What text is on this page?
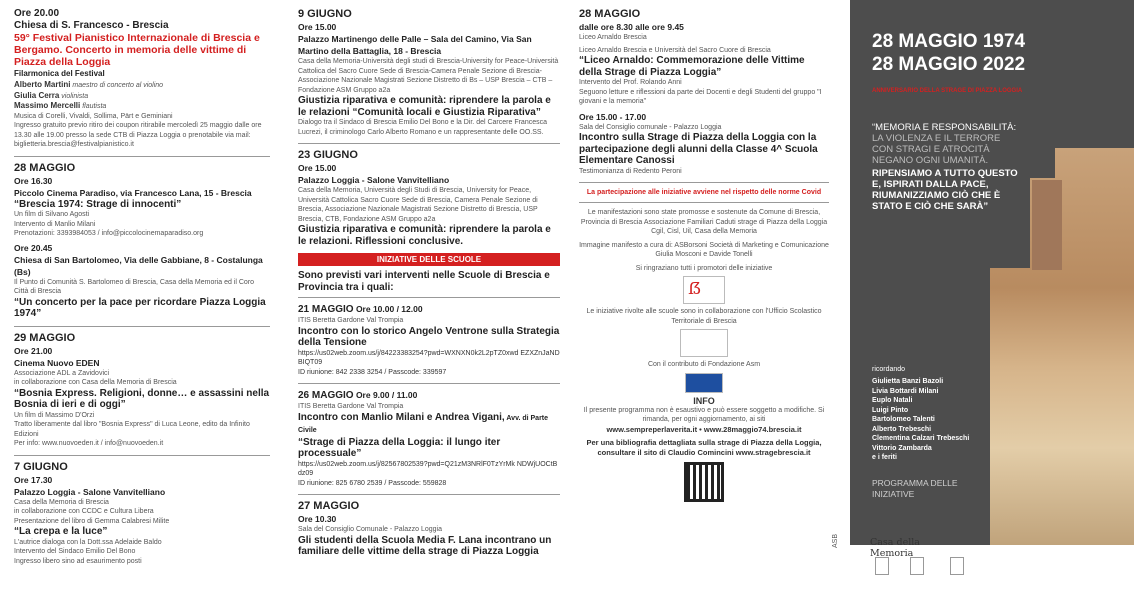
Ore 20.00
Chiesa di S. Francesco - Brescia
59° Festival Pianistico Internazionale di Brescia e Bergamo. Concerto in memoria delle vittime di Piazza della Loggia
Filarmonica del Festival
Alberto Martini maestro di concerto al violino
Giulia Cerra violinista
Massimo Mercelli flautista
Musica di Corelli, Vivaldi, Sollima, Pärt e Geminiani
Ingresso gratuito previo ritiro dei coupon ritirabile mercoledì 25 maggio dalle ore 13.30 alle 19.00 presso la sede CTB di Piazza Loggia o prenotabile via mail: biglietteria.brescia@festivalpianistico.it
28 MAGGIO
Ore 16.30
Piccolo Cinema Paradiso, via Francesco Lana, 15 - Brescia
“Brescia 1974: Strage di innocenti”
Un film di Silvano Agosti
Intervento di Manlio Milani
Prenotazioni: 3393984053 / info@piccolocinemaparadiso.org
Ore 20.45
Chiesa di San Bartolomeo, Via delle Gabbiane, 8 - Costalunga (Bs)
Il Punto di Comunità S. Bartolomeo di Brescia, Casa della Memoria ed il Coro Città di Brescia
“Un concerto per la pace per ricordare Piazza Loggia 1974”
29 MAGGIO
Ore 21.00
Cinema Nuovo EDEN
Associazione ADL a Zavidovici
in collaborazione con Casa della Memoria di Brescia
“Bosnia Express. Religioni, donne… e assassini nella Bosnia di ieri e di oggi”
Un film di Massimo D'Orzi
Tratto liberamente dal libro "Bosnia Express" di Luca Leone, edito da Infinito Edizioni
Per info: www.nuovoeden.it / info@nuovoeden.it
7 GIUGNO
Ore 17.30
Palazzo Loggia - Salone Vanvitelliano
Casa della Memoria di Brescia
in collaborazione con CCDC e Cultura Libera
Presentazione del libro di Gemma Calabresi Milite
“La crepa e la luce”
L'autrice dialoga con la Dott.ssa Adelaide Baldo
Intervento del Sindaco Emilio Del Bono
Ingresso libero sino ad esaurimento posti
9 GIUGNO
Ore 15.00
Palazzo Martinengo delle Palle – Sala del Camino, Via San Martino della Battaglia, 18 - Brescia
Casa della Memoria-Università degli studi di Brescia-University for Peace-Università Cattolica del Sacro Cuore Sede di Brescia-Camera Penale Sezione di Brescia-Associazione Nazionale Magistrati Sezione Distretto di Bs – USP Brescia – CTB – Fondazione ASM Gruppo a2a
Giustizia riparativa e comunità: riprendere la parola e le relazioni “Comunità locali e Giustizia Riparativa”
Dialogo tra il Sindaco di Brescia Emilio Del Bono e la Dir. del Carcere Francesca Lucrezi, il criminologo Carlo Alberto Romano e un rappresentante delle OO.SS.
23 GIUGNO
Ore 15.00
Palazzo Loggia - Salone Vanvitelliano
Casa della Memoria, Università degli Studi di Brescia, University for Peace, Università Cattolica Sacro Cuore Sede di Brescia, Camera Penale Sezione di Brescia, Associazione Nazionale Magistrati Sezione Distretto di Brescia, USP Brescia, CTB, Fondazione ASM Gruppo a2a
Giustizia riparativa e comunità: riprendere la parola e le relazioni. Riflessioni conclusive.
INIZIATIVE DELLE SCUOLE
Sono previsti vari interventi nelle Scuole di Brescia e Provincia tra i quali:
21 MAGGIO Ore 10.00 / 12.00
ITIS Beretta Gardone Val Trompia
Incontro con lo storico Angelo Ventrone sulla Strategia della Tensione
https://us02web.zoom.us/j/84223383254?pwd=WXNXN0k2L2pTZ0xwd EZXZnJaNDBIQT09
ID riunione: 842 2338 3254 / Passcode: 339597
26 MAGGIO Ore 9.00 / 11.00
ITIS Beretta Gardone Val Trompia
Incontro con Manlio Milani e Andrea Vigani, Avv. di Parte Civile
“Strage di Piazza della Loggia: il lungo iter processuale”
https://us02web.zoom.us/j/82567802539?pwd=Q21zM3NRlF0TzYrMk NDWjUOCtBdz09
ID riunione: 825 6780 2539 / Passcode: 559828
27 MAGGIO
Ore 10.30
Sala del Consiglio Comunale - Palazzo Loggia
Gli studenti della Scuola Media F. Lana incontrano un familiare delle vittime della strage di Piazza Loggia
28 MAGGIO
dalle ore 8.30 alle ore 9.45
Liceo Arnaldo Brescia
Liceo Arnaldo Brescia e Università del Sacro Cuore di Brescia
“Liceo Arnaldo: Commemorazione delle Vittime della Strage di Piazza Loggia”
Intervento del Prof. Rolando Anni
Seguono letture e riflessioni da parte dei Docenti e degli Studenti del gruppo "I giovani e la memoria"
Ore 15.00 - 17.00
Sala del Consiglio comunale - Palazzo Loggia
Incontro sulla Strage di Piazza della Loggia con la partecipazione degli alunni della Classe 4^ Scuola Elementare Canossi
Testimonianza di Redento Peroni
La partecipazione alle iniziative avviene nel rispetto delle norme Covid
Le manifestazioni sono state promosse e sostenute da Comune di Brescia, Provincia di Brescia Associazione Familiari Caduti strage di Piazza della Loggia Cgil, Cisl, Uil, Casa della Memoria
Immagine manifesto a cura di: ASBorsoni Società di Marketing e Comunicazione Giulia Mosconi e Davide Tonelli
Si ringraziano tutti i promotori delle iniziative
ẞ
Le iniziative rivolte alle scuole sono in collaborazione con l'Ufficio Scolastico Territoriale di Brescia
Con il contributo di Fondazione Asm
INFO
Il presente programma non è esaustivo e può essere soggetto a modifiche. Si rimanda, per ogni aggiornamento, ai siti
www.sempreperlaverita.it • www.28maggio74.brescia.it
Per una bibliografia dettagliata sulla strage di Piazza della Loggia, consultare il sito di Claudio Comincini www.stragebrescia.it
28 MAGGIO 1974
28 MAGGIO 2022
ANNIVERSARIO DELLA STRAGE DI PIAZZA LOGGIA
“MEMORIA E RESPONSABILITÀ:
LA VIOLENZA E IL TERRORE CON STRAGI E ATROCITÀ NEGANO OGNI UMANITÀ.
RIPENSIAMO A TUTTO QUESTO E, ISPIRATI DALLA PACE, RIUMANIZZIAMO CIÒ CHE È STATO E CIÒ CHE SARÀ”
ricordando
Giulietta Banzi Bazoli
Livia Bottardi Milani
Euplo Natali
Luigi Pinto
Bartolomeo Talenti
Alberto Trebeschi
Clementina Calzari Trebeschi
Vittorio Zambarda
e i feriti
PROGRAMMA DELLE INIZIATIVE
Casa della Memoria
ASB
